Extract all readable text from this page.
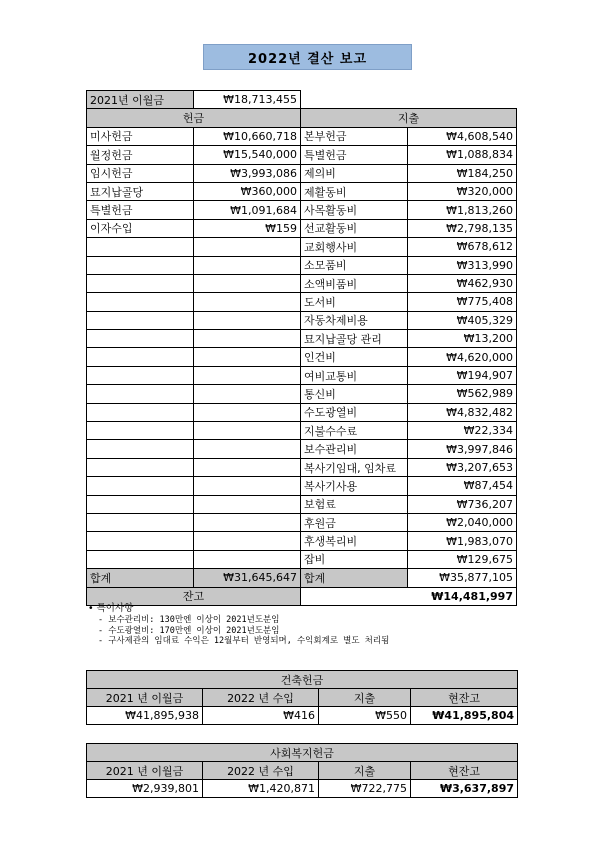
2022년 결산 보고
2021년 이월금	₩18,713,455		
헌금		지출	
미사헌금	₩10,660,718	본부헌금	₩4,608,540
월정헌금	₩15,540,000	특별헌금	₩1,088,834
임시헌금	₩3,993,086	제의비	₩184,250
묘지납골당	₩360,000	제활동비	₩320,000
특별헌금	₩1,091,684	사목활동비	₩1,813,260
이자수입	₩159	선교활동비	₩2,798,135
		교회행사비	₩678,612
		소모품비	₩313,990
		소액비품비	₩462,930
		도서비	₩775,408
		자동차제비용	₩405,329
		묘지납골당 관리	₩13,200
		인건비	₩4,620,000
		여비교통비	₩194,907
		통신비	₩562,989
		수도광열비	₩4,832,482
		지불수수료	₩22,334
		보수관리비	₩3,997,846
		복사기임대, 임차료	₩3,207,653
		복사기사용	₩87,454
		보험료	₩736,207
		후원금	₩2,040,000
		후생복리비	₩1,983,070
		잡비	₩129,675
합계	₩31,645,647	합계	₩35,877,105
잔고		₩14,481,997	
• 특이사항
- 보수관리비: 130만엔 이상이 2021년도분임
- 수도광열비: 170만엔 이상이 2021년도분임
- 구사제관의 임대료 수익은 12월부터 반영되며, 수익회계로 별도 처리됨
건축헌금			
2021 년 이월금	2022 년 수입	지출	현잔고
₩41,895,938	₩416	₩550	₩41,895,804
사회복지헌금			
2021 년 이월금	2022 년 수입	지출	현잔고
₩2,939,801	₩1,420,871	₩722,775	₩3,637,897
